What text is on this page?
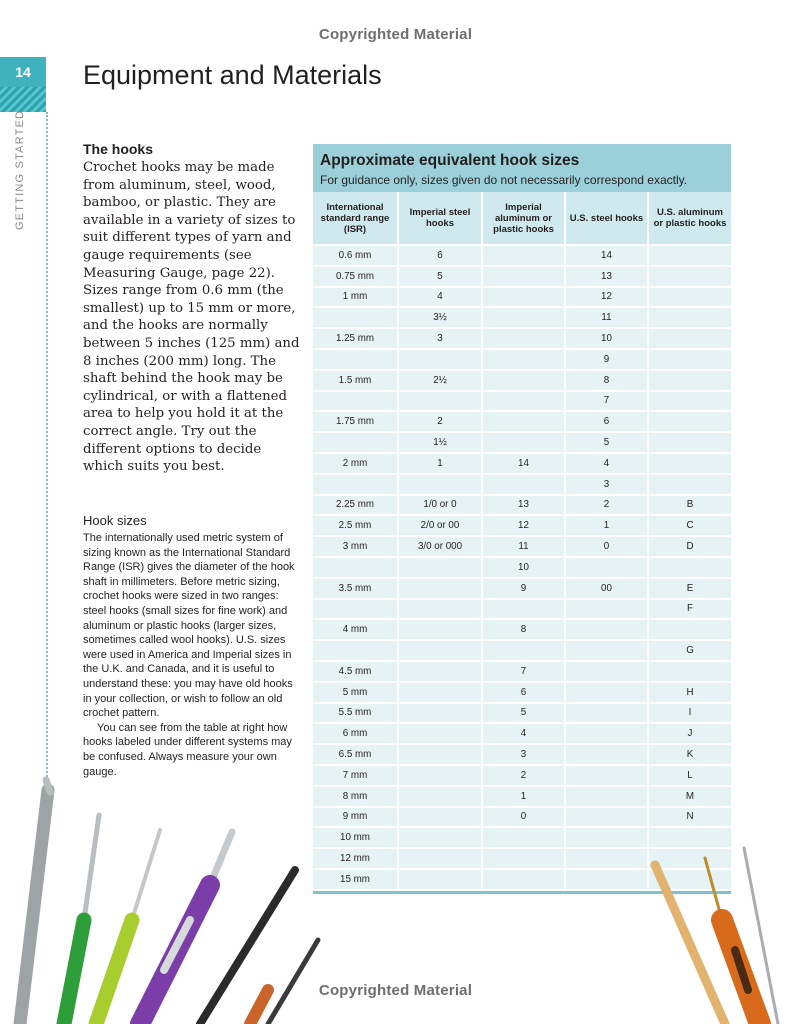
Copyrighted Material
14
GETTING STARTED
Equipment and Materials
The hooks

Crochet hooks may be made from aluminum, steel, wood, bamboo, or plastic. They are available in a variety of sizes to suit different types of yarn and gauge requirements (see Measuring Gauge, page 22). Sizes range from 0.6 mm (the smallest) up to 15 mm or more, and the hooks are normally between 5 inches (125 mm) and 8 inches (200 mm) long. The shaft behind the hook may be cylindrical, or with a flattened area to help you hold it at the correct angle. Try out the different options to decide which suits you best.

Hook sizes

The internationally used metric system of sizing known as the International Standard Range (ISR) gives the diameter of the hook shaft in millimeters. Before metric sizing, crochet hooks were sized in two ranges: steel hooks (small sizes for fine work) and aluminum or plastic hooks (larger sizes, sometimes called wool hooks). U.S. sizes were used in America and Imperial sizes in the U.K. and Canada, and it is useful to understand these: you may have old hooks in your collection, or wish to follow an old crochet pattern.

You can see from the table at right how hooks labeled under different systems may be confused. Always measure your own gauge.

Approximate equivalent hook sizes
For guidance only, sizes given do not necessarily correspond exactly.
International standard range (ISR)	Imperial steel hooks	Imperial aluminum or plastic hooks	U.S. steel hooks	U.S. aluminum or plastic hooks
0.6 mm	6		14	
0.75 mm	5		13	
1 mm	4		12	
	3½		11	
1.25 mm	3		10	
			9	
1.5 mm	2½		8	
			7	
1.75 mm	2		6	
	1½		5	
2 mm	1	14	4	
			3	
2.25 mm	1/0 or 0	13	2	B
2.5 mm	2/0 or 00	12	1	C
3 mm	3/0 or 000	11	0	D
		10		
3.5 mm		9	00	E
				F
4 mm		8		
				G
4.5 mm		7		
5 mm		6		H
5.5 mm		5		I
6 mm		4		J
6.5 mm		3		K
7 mm		2		L
8 mm		1		M
9 mm		0		N
10 mm				
12 mm				
15 mm				
Copyrighted Material
